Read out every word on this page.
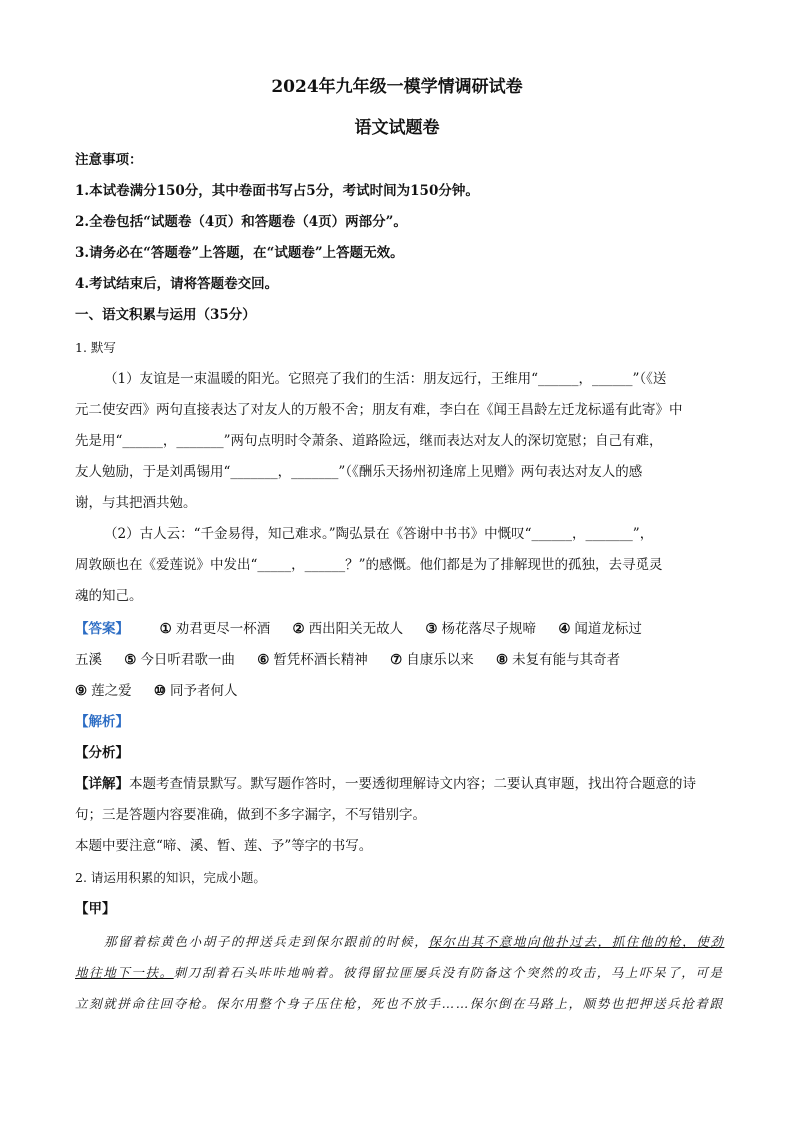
2024年九年级一模学情调研试卷
语文试题卷
注意事项：
1.本试卷满分150分，其中卷面书写占5分，考试时间为150分钟。
2.全卷包括“试题卷（4页）和答题卷（4页）两部分”。
3.请务必在“答题卷”上答题，在“试题卷”上答题无效。
4.考试结束后，请将答题卷交回。
一、语文积累与运用（35分）
1. 默写
（1）友谊是一束温暖的阳光。它照亮了我们的生活：朋友远行，王维用“______，______”（《送
元二使安西》两句直接表达了对友人的万般不舍；朋友有难，李白在《闻王昌龄左迁龙标遥有此寄》中
先是用“______，_______”两句点明时令萧条、道路险远，继而表达对友人的深切宽慰；自己有难，
友人勉励，于是刘禹锡用“_______，_______”（《酬乐天扬州初逢席上见赠》两句表达对友人的感
谢，与其把酒共勉。
（2）古人云：“千金易得，知己难求。”陶弘景在《答谢中书书》中慨叹“______，_______”，
周敦颐也在《爱莲说》中发出“_____，______？”的感慨。他们都是为了排解现世的孤独，去寻觅灵
魂的知己。
【答案】 ① 劝君更尽一杯酒 ② 西出阳关无故人 ③ 杨花落尽子规啼 ④ 闻道龙标过
五溪 ⑤ 今日听君歌一曲 ⑥ 暂凭杯酒长精神 ⑦ 自康乐以来 ⑧ 未复有能与其奇者
⑨ 莲之爱 ⑩ 同予者何人
【解析】
【分析】
【详解】本题考查情景默写。默写题作答时，一要透彻理解诗文内容；二要认真审题，找出符合题意的诗
句；三是答题内容要准确，做到不多字漏字，不写错别字。
本题中要注意“啼、溪、暂、莲、予”等字的书写。
2. 请运用积累的知识，完成小题。
【甲】
那留着棕黄色小胡子的押送兵走到保尔跟前的时候，保尔出其不意地向他扑过去，抓住他的枪，使劲
地往地下一扶。刺刀刮着石头咔咔地响着。彼得留拉匪屡兵没有防备这个突然的攻击，马上吓呆了，可是
立刻就拼命往回夺枪。保尔用整个身子压住枪，死也不放手……保尔倒在马路上，顺势也把押送兵抢着跟
